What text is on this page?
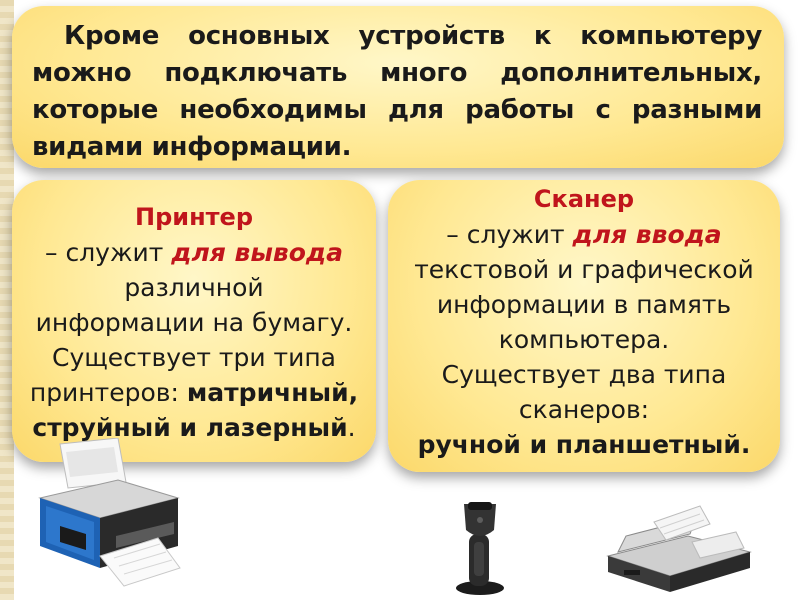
Кроме основных устройств к компьютеру можно подключать много дополнительных, которые необходимы для работы с разными видами информации.

Принтер
– служит для вывода
различной
информации на бумагу.
Существует три типа
принтеров: матричный,
струйный и лазерный.
Сканер
– служит для ввода
текстовой и графической
информации в память
компьютера.
Существует два типа
сканеров:
ручной и планшетный.
